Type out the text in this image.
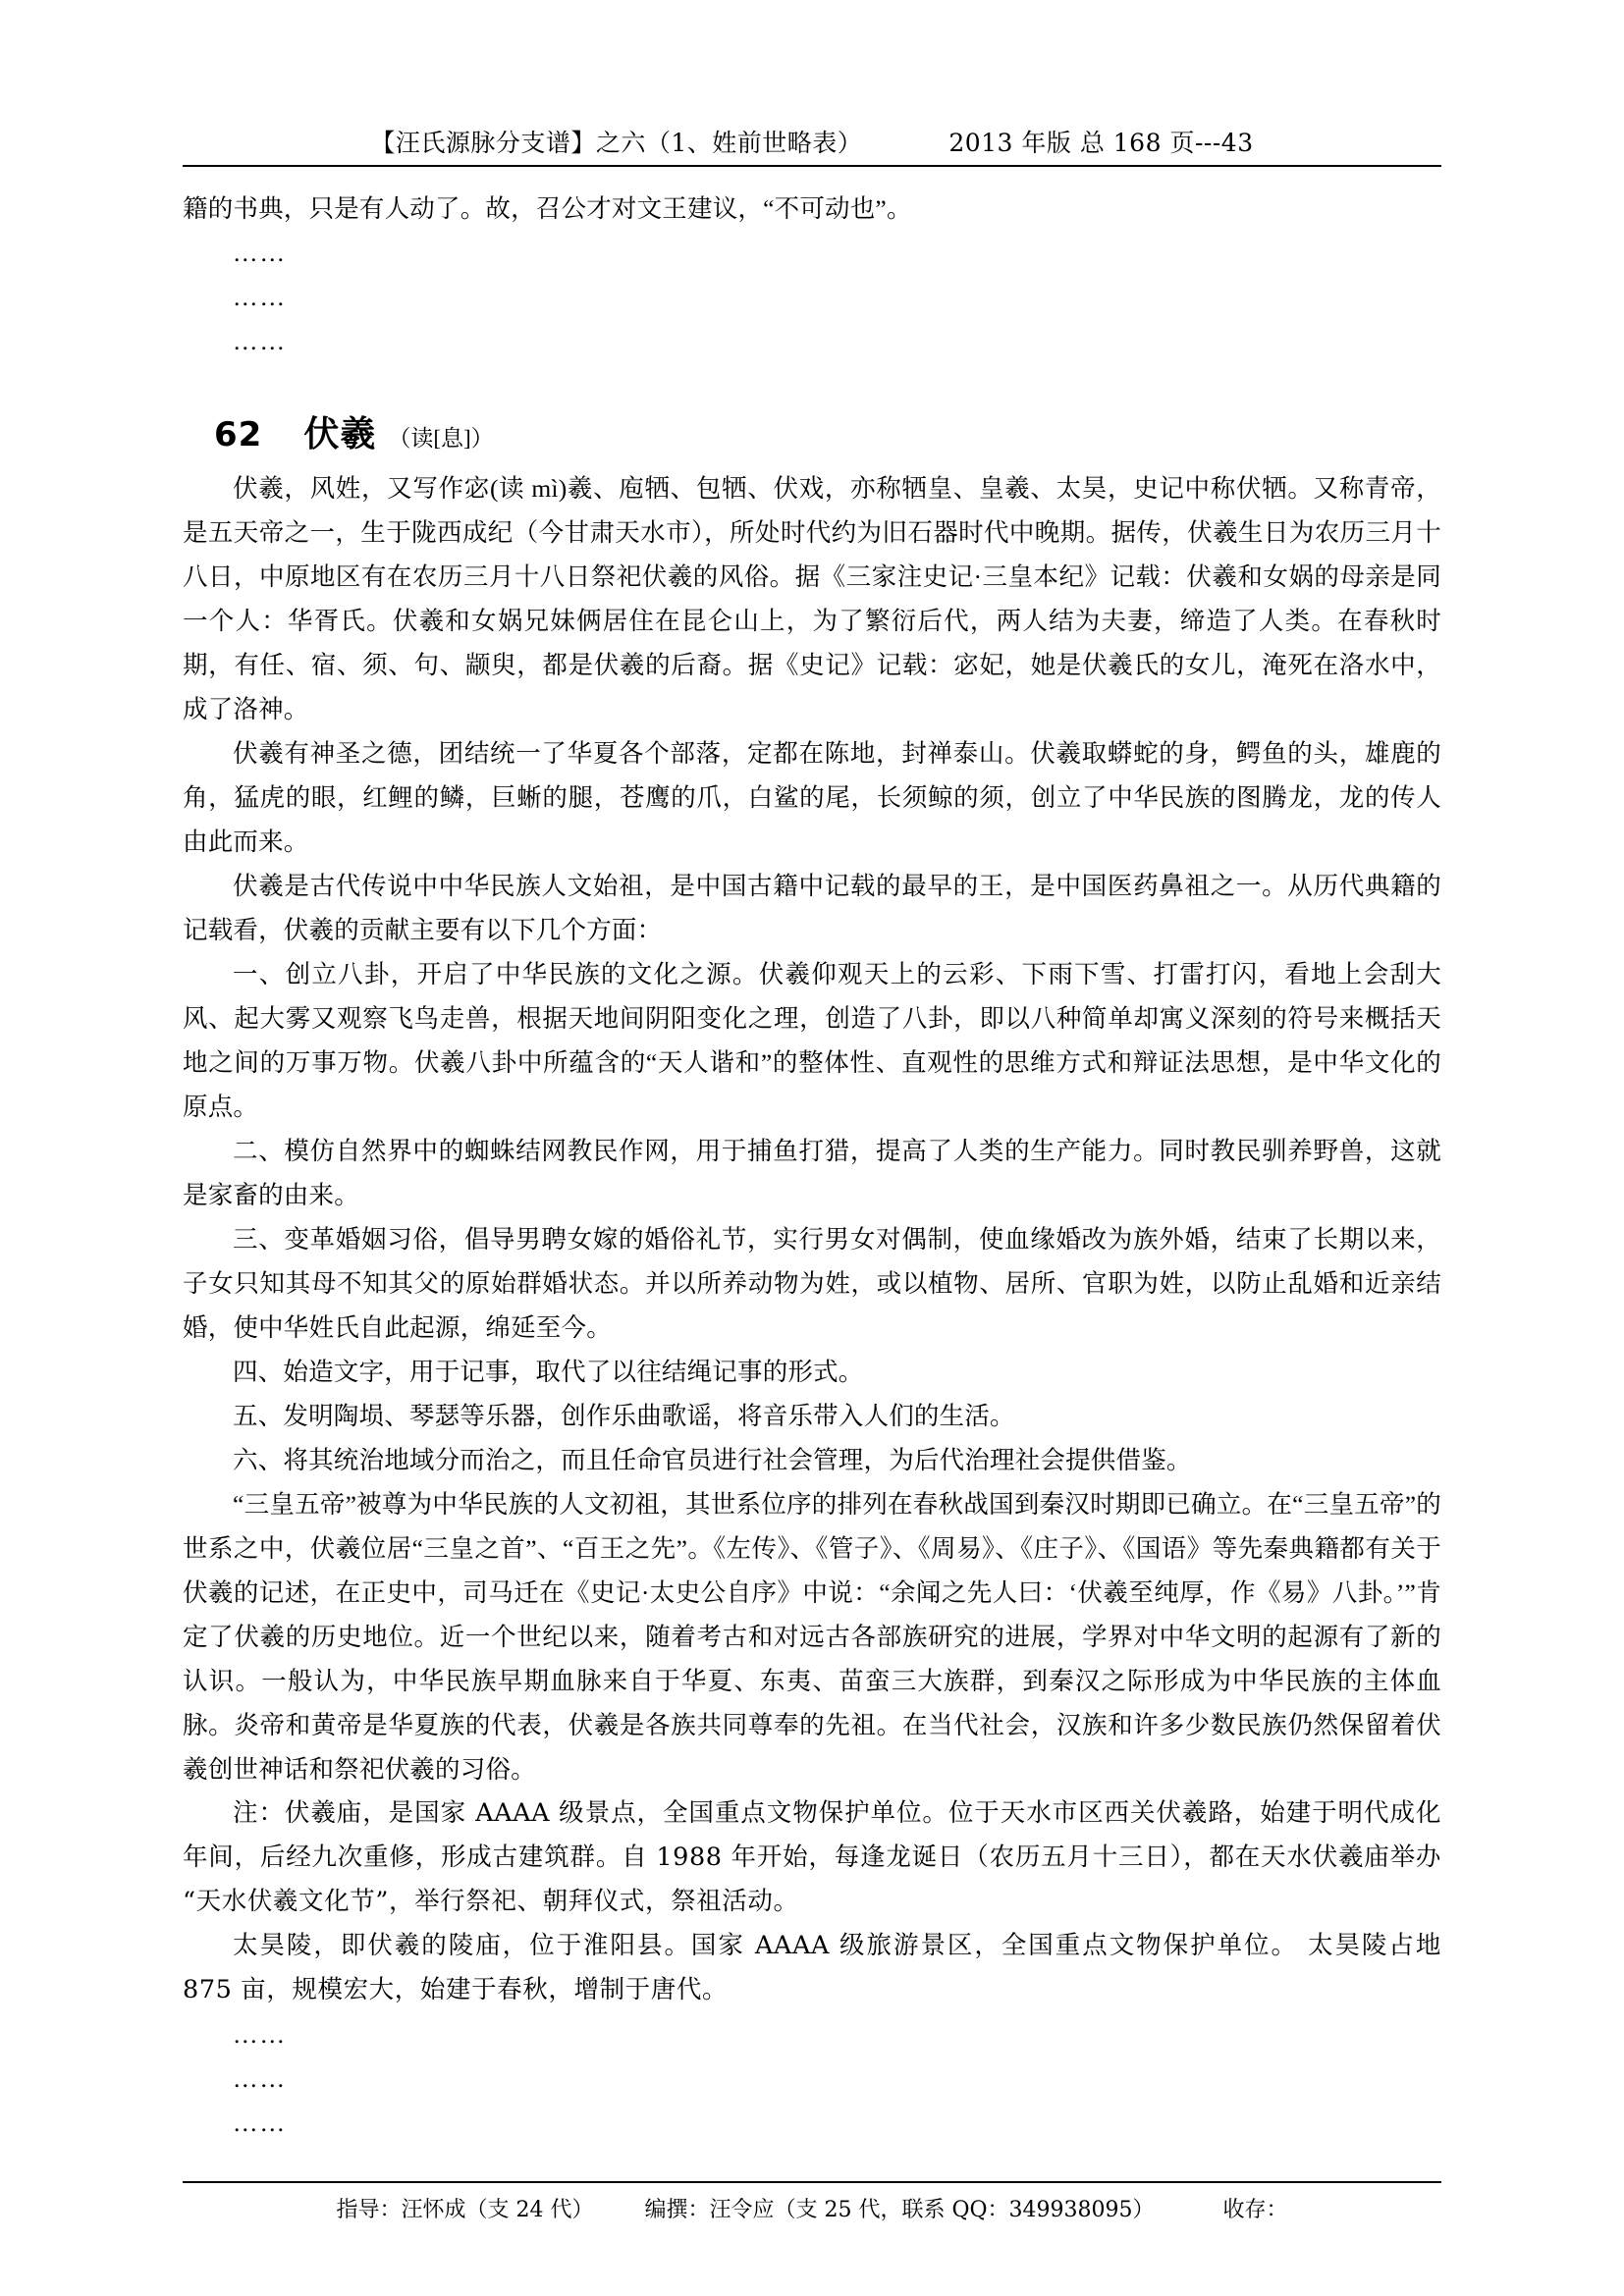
【汪氏源脉分支谱】之六（1、姓前世略表）	2013 年版 总 168 页---43

籍的书典，只是有人动了。故，召公才对文王建议，“不可动也”。

……

……

……

62 伏羲 （读[息]）

伏羲，风姓，又写作宓(读 mì)羲、庖牺、包牺、伏戏，亦称牺皇、皇羲、太昊，史记中称伏牺。又称青帝，是五天帝之一，生于陇西成纪（今甘肃天水市），所处时代约为旧石器时代中晚期。据传，伏羲生日为农历三月十八日，中原地区有在农历三月十八日祭祀伏羲的风俗。据《三家注史记·三皇本纪》记载：伏羲和女娲的母亲是同一个人：华胥氏。伏羲和女娲兄妹俩居住在昆仑山上，为了繁衍后代，两人结为夫妻，缔造了人类。在春秋时期，有任、宿、须、句、颛臾，都是伏羲的后裔。据《史记》记载：宓妃，她是伏羲氏的女儿，淹死在洛水中，成了洛神。

伏羲有神圣之德，团结统一了华夏各个部落，定都在陈地，封禅泰山。伏羲取蟒蛇的身，鳄鱼的头，雄鹿的角，猛虎的眼，红鲤的鳞，巨蜥的腿，苍鹰的爪，白鲨的尾，长须鲸的须，创立了中华民族的图腾龙，龙的传人由此而来。

伏羲是古代传说中中华民族人文始祖，是中国古籍中记载的最早的王，是中国医药鼻祖之一。从历代典籍的记载看，伏羲的贡献主要有以下几个方面：

一、创立八卦，开启了中华民族的文化之源。伏羲仰观天上的云彩、下雨下雪、打雷打闪，看地上会刮大风、起大雾又观察飞鸟走兽，根据天地间阴阳变化之理，创造了八卦，即以八种简单却寓义深刻的符号来概括天地之间的万事万物。伏羲八卦中所蕴含的“天人谐和”的整体性、直观性的思维方式和辩证法思想，是中华文化的原点。

二、模仿自然界中的蜘蛛结网教民作网，用于捕鱼打猎，提高了人类的生产能力。同时教民驯养野兽，这就是家畜的由来。

三、变革婚姻习俗，倡导男聘女嫁的婚俗礼节，实行男女对偶制，使血缘婚改为族外婚，结束了长期以来，子女只知其母不知其父的原始群婚状态。并以所养动物为姓，或以植物、居所、官职为姓，以防止乱婚和近亲结婚，使中华姓氏自此起源，绵延至今。

四、始造文字，用于记事，取代了以往结绳记事的形式。

五、发明陶埙、琴瑟等乐器，创作乐曲歌谣，将音乐带入人们的生活。

六、将其统治地域分而治之，而且任命官员进行社会管理，为后代治理社会提供借鉴。

“三皇五帝”被尊为中华民族的人文初祖，其世系位序的排列在春秋战国到秦汉时期即已确立。在“三皇五帝”的世系之中，伏羲位居“三皇之首”、“百王之先”。《左传》、《管子》、《周易》、《庄子》、《国语》等先秦典籍都有关于伏羲的记述，在正史中，司马迁在《史记·太史公自序》中说：“余闻之先人曰：‘伏羲至纯厚，作《易》八卦。’”肯定了伏羲的历史地位。近一个世纪以来，随着考古和对远古各部族研究的进展，学界对中华文明的起源有了新的认识。一般认为，中华民族早期血脉来自于华夏、东夷、苗蛮三大族群，到秦汉之际形成为中华民族的主体血脉。炎帝和黄帝是华夏族的代表，伏羲是各族共同尊奉的先祖。在当代社会，汉族和许多少数民族仍然保留着伏羲创世神话和祭祀伏羲的习俗。

注：伏羲庙，是国家 AAAA 级景点，全国重点文物保护单位。位于天水市区西关伏羲路，始建于明代成化年间，后经九次重修，形成古建筑群。自 1988 年开始，每逢龙诞日（农历五月十三日），都在天水伏羲庙举办“天水伏羲文化节”，举行祭祀、朝拜仪式，祭祖活动。

太昊陵，即伏羲的陵庙，位于淮阳县。国家 AAAA 级旅游景区，全国重点文物保护单位。 太昊陵占地 875 亩，规模宏大，始建于春秋，增制于唐代。

……

……

……

指导：汪怀成（支 24 代） 编撰：汪令应（支 25 代，联系 QQ：349938095）	收存：
